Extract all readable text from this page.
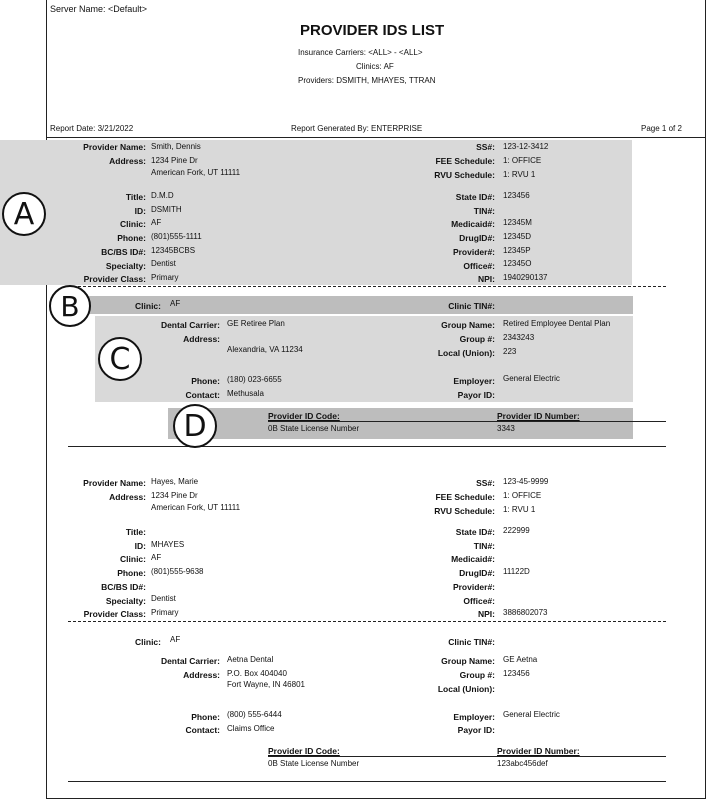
Server Name: <Default>
PROVIDER IDS LIST
Insurance Carriers: <ALL> - <ALL>
Clinics: AF
Providers: DSMITH, MHAYES, TTRAN
Report Date: 3/21/2022	Report Generated By: ENTERPRISE	Page 1 of 2
Provider Name: Smith, Dennis
Address: 1234 Pine Dr
American Fork, UT 11111
Title: D.M.D
ID: DSMITH
Clinic: AF
Phone: (801)555-1111
BC/BS ID#: 12345BCBS
Specialty: Dentist
Provider Class: Primary
SS#: 123-12-3412
FEE Schedule: 1: OFFICE
RVU Schedule: 1: RVU 1
State ID#: 123456
TIN#:
Medicaid#: 12345M
DrugID#: 12345D
Provider#: 12345P
Office#: 12345O
NPI: 1940290137
Clinic: AF	Clinic TIN#:
Dental Carrier: GE Retiree Plan
Address:
Alexandria, VA 11234
Phone: (180) 023-6655
Contact: Methusala
Group Name: Retired Employee Dental Plan
Group #: 2343243
Local (Union): 223
Employer: General Electric
Payor ID:
Provider ID Code:	Provider ID Number:
0B State License Number	3343
Provider Name: Hayes, Marie
Address: 1234 Pine Dr
American Fork, UT 11111
Title:
ID: MHAYES
Clinic: AF
Phone: (801)555-9638
BC/BS ID#:
Specialty: Dentist
Provider Class: Primary
SS#: 123-45-9999
FEE Schedule: 1: OFFICE
RVU Schedule: 1: RVU 1
State ID#: 222999
TIN#:
Medicaid#:
DrugID#: 11122D
Provider#:
Office#:
NPI: 3886802073
Clinic: AF	Clinic TIN#:
Dental Carrier: Aetna Dental
Address: P.O. Box 404040
Fort Wayne, IN 46801
Phone: (800) 555-6444
Contact: Claims Office
Group Name: GE Aetna
Group #: 123456
Local (Union):
Employer: General Electric
Payor ID:
Provider ID Code:	Provider ID Number:
0B State License Number	123abc456def
A
B
C
D
